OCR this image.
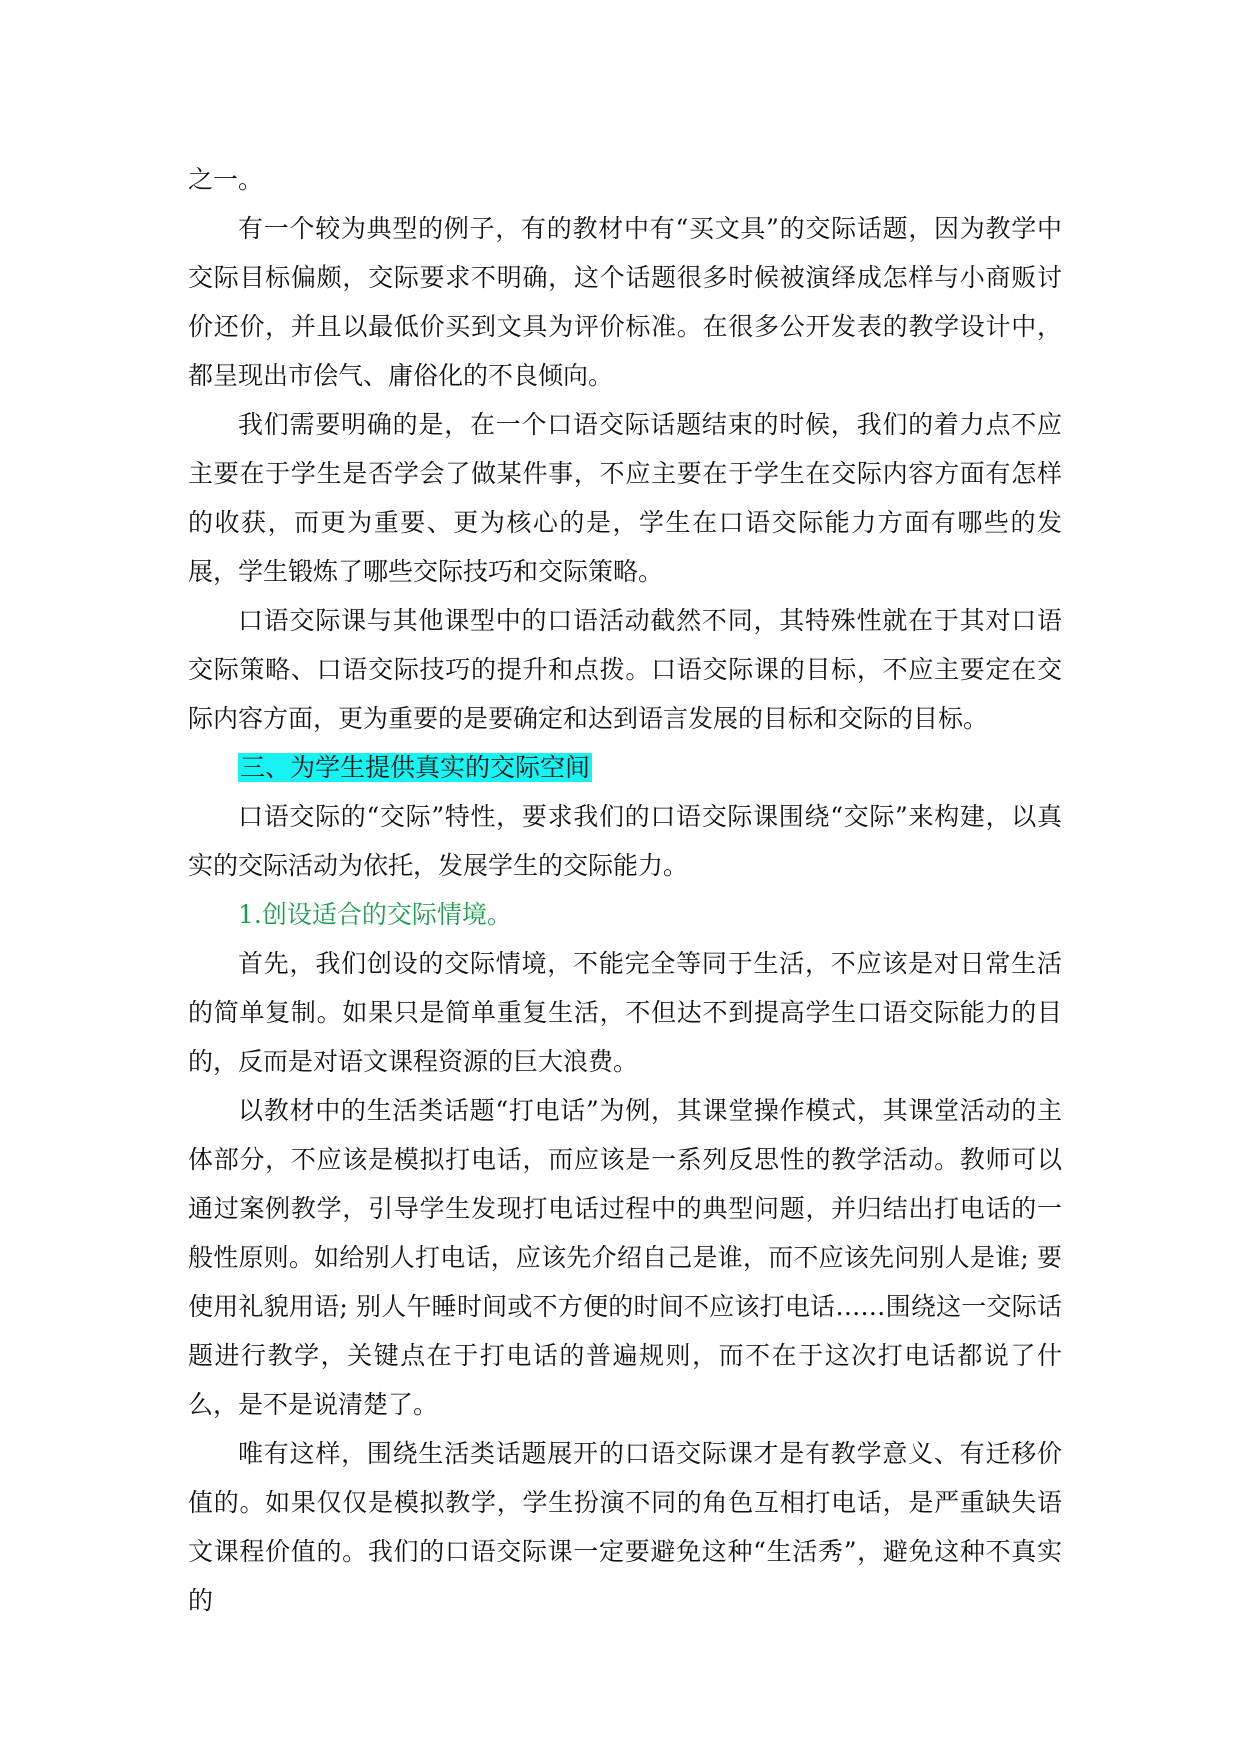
之一。

有一个较为典型的例子，有的教材中有“买文具”的交际话题，因为教学中交际目标偏颇，交际要求不明确，这个话题很多时候被演绎成怎样与小商贩讨价还价，并且以最低价买到文具为评价标准。在很多公开发表的教学设计中，都呈现出市侩气、庸俗化的不良倾向。

我们需要明确的是，在一个口语交际话题结束的时候，我们的着力点不应主要在于学生是否学会了做某件事，不应主要在于学生在交际内容方面有怎样的收获，而更为重要、更为核心的是，学生在口语交际能力方面有哪些的发展，学生锻炼了哪些交际技巧和交际策略。

口语交际课与其他课型中的口语活动截然不同，其特殊性就在于其对口语交际策略、口语交际技巧的提升和点拨。口语交际课的目标，不应主要定在交际内容方面，更为重要的是要确定和达到语言发展的目标和交际的目标。

三、为学生提供真实的交际空间

口语交际的“交际”特性，要求我们的口语交际课围绕“交际”来构建，以真实的交际活动为依托，发展学生的交际能力。

1.创设适合的交际情境。

首先，我们创设的交际情境，不能完全等同于生活，不应该是对日常生活的简单复制。如果只是简单重复生活，不但达不到提高学生口语交际能力的目的，反而是对语文课程资源的巨大浪费。

以教材中的生活类话题“打电话”为例，其课堂操作模式，其课堂活动的主体部分，不应该是模拟打电话，而应该是一系列反思性的教学活动。教师可以通过案例教学，引导学生发现打电话过程中的典型问题，并归结出打电话的一般性原则。如给别人打电话，应该先介绍自己是谁，而不应该先问别人是谁; 要使用礼貌用语; 别人午睡时间或不方便的时间不应该打电话……围绕这一交际话题进行教学，关键点在于打电话的普遍规则，而不在于这次打电话都说了什么，是不是说清楚了。

唯有这样，围绕生活类话题展开的口语交际课才是有教学意义、有迁移价值的。如果仅仅是模拟教学，学生扮演不同的角色互相打电话，是严重缺失语文课程价值的。我们的口语交际课一定要避免这种“生活秀”，避免这种不真实的
